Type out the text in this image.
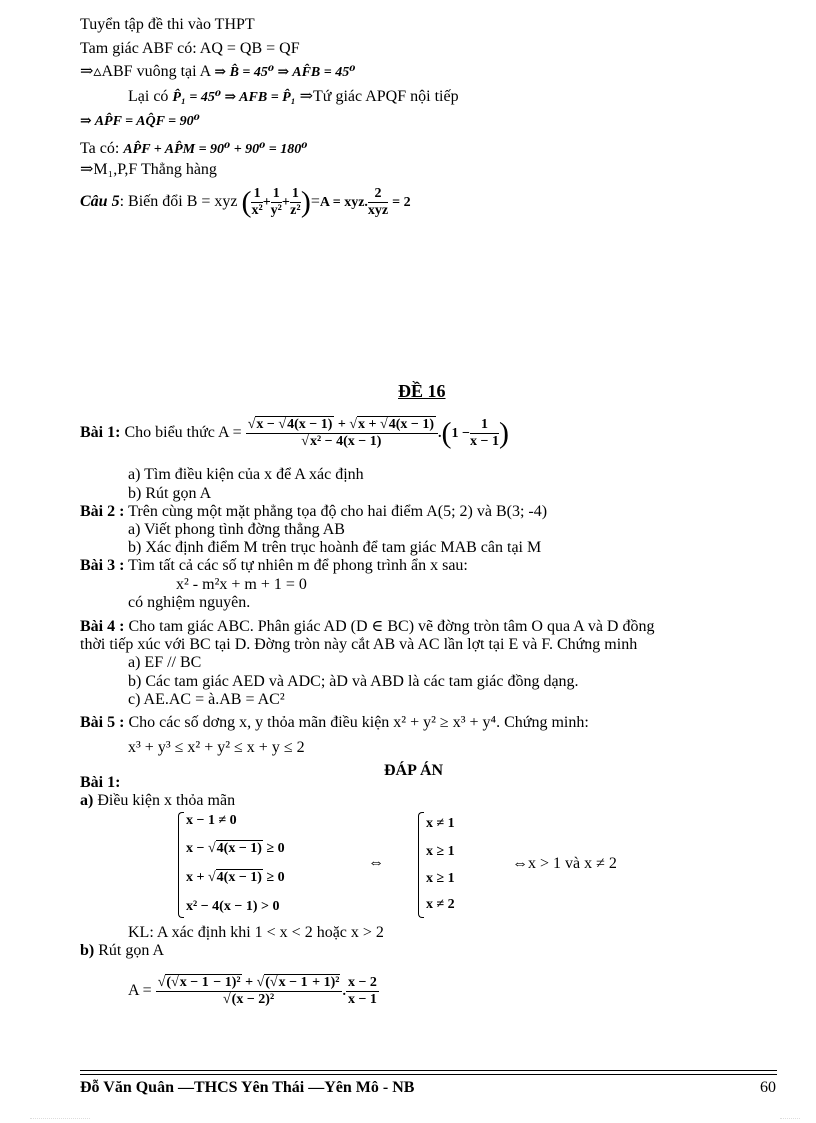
Tuyển tập đề thi vào THPT
Tam giác ABF có: AQ = QB = QF
⇒▵ABF vuông tại A ⇒ B̂ = 45⁰ ⇒ AF̂B = 45⁰
Lại có P̂₁ = 45⁰ ⇒ AFB = P̂₁ ⇒Tứ giác APQF nội tiếp
⇒ AP̂F = AQ̂F = 90⁰
Ta có: AP̂F + AP̂M = 90⁰ + 90⁰ = 180⁰
⇒M₁,P,F Thẳng hàng
Câu 5: Biến đổi B = xyz ( $\frac{1}{\text{x²}} + \frac{1}{\text{y²}} + \frac{1}{\text{z²}} )=A$ = xyz. $\frac{2}{\text{xyz}} = 2$
ĐỀ 16
Bài 1: Cho biểu thức $A = \frac{√x - √4(x - 1) + √x + √4(x - 1)}{\text{√x² − 4(x − 1)}} .(1 - \frac{1}{x - 1}$ )
a) Tìm điều kiện của x để A xác định
b) Rút gọn A
Bài 2 : Trên cùng một mặt phẳng tọa độ cho hai điểm A(5; 2) và B(3; -4)
a) Viết phong tình đờng thẳng AB
b) Xác định điểm M trên trục hoành để tam giác MAB cân tại M
Bài 3 : Tìm tất cả các số tự nhiên m để phong trình ẩn x sau:
x² - m²x + m + 1 = 0
có nghiệm nguyên.
Bài 4 : Cho tam giác ABC. Phân giác AD (D ∈ BC) vẽ đờng tròn tâm O qua A và D đồng
thời tiếp xúc với BC tại D. Đờng tròn này cắt AB và AC lần lợt tại E và F. Chứng minh
a) EF // BC
b) Các tam giác AED và ADC; àD và ABD là các tam giác đồng dạng.
c) AE.AC = à.AB = AC²
Bài 5 : Cho các số dơng x, y thỏa mãn điều kiện x² + y² ≥ x³ + y⁴. Chứng minh:
x³ + y³ ≤ x² + y² ≤ x + y ≤ 2
ĐÁP ÁN
Bài 1:
a) Điều kiện x thỏa mãn
x − 1 ≠ 0
x − √4(x − 1) ≥ 0
x + √4(x − 1) ≥ 0
x² − 4(x − 1) > 0
⇔
x ≠ 1
x ≥ 1
x ≥ 1
x ≠ 2
⇔x > 1 và x ≠ 2
KL: A xác định khi 1 < x < 2 hoặc x > 2
b) Rút gọn A
$A = \frac{\text{√(√x − 1 − 1)² + √(√x − 1 + 1)²}}{\text{√(x − 2)²}}$ . $\frac{x - 2}{x - 1}$
Đỗ Văn Quân —THCS Yên Thái —Yên Mô - NB	60
